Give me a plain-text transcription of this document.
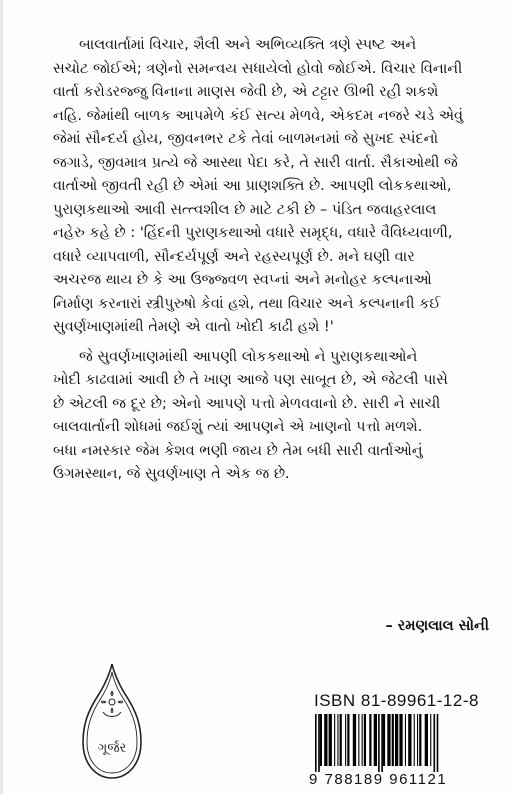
બાલવાર્તામાં વિચાર, શૈલી અને અભિવ્યક્તિ ત્રણે સ્પષ્ટ અને
સચોટ જોઈએ; ત્રણેનો સમન્વય સધાયેલો હોવો જોઈએ. વિચાર વિનાની
વાર્તા કરોડરજ્જુ વિનાના માણસ જેવી છે, એ ટટ્ટાર ઊભી રહી શકશે
નહિ. જેમાંથી બાળક આપમેળે કંઈ સત્ય મેળવે, એકદમ નજરે ચડે એવું
જેમાં સૌન્દર્ય હોય, જીવનભર ટકે તેવાં બાળમનમાં જે સુખદ સ્પંદનો
જગાડે, જીવમાત્ર પ્રત્યે જે આસ્થા પેદા કરે, તે સારી વાર્તા. સૈકાઓથી જે
વાર્તાઓ જીવતી રહી છે એમાં આ પ્રાણશક્તિ છે. આપણી લોકકથાઓ,
પુરાણકથાઓ આવી સત્ત્વશીલ છે માટે ટકી છે – પંડિત જવાહરલાલ
નહેરુ કહે છે : 'હિંદની પુરાણકથાઓ વધારે સમૃદ્ધ, વધારે વૈવિધ્યવાળી,
વધારે વ્યાપવાળી, સૌન્દર્યપૂર્ણ અને રહસ્યપૂર્ણ છે. મને ઘણી વાર
અચરજ થાય છે કે આ ઉજ્જ્વળ સ્વપ્નાં અને મનોહર કલ્પનાઓ
નિર્માણ કરનારાં સ્ત્રીપુરુષો કેવાં હશે, તથા વિચાર અને કલ્પનાની કઈ
સુવર્ણખાણમાંથી તેમણે એ વાતો ખોદી કાઢી હશે !'

જે સુવર્ણખાણમાંથી આપણી લોકકથાઓ ને પુરાણકથાઓને
ખોદી કાઢવામાં આવી છે તે ખાણ આજે પણ સાબૂત છે, એ જેટલી પાસે
છે એટલી જ દૂર છે; એનો આપણે પત્તો મેળવવાનો છે. સારી ને સાચી
બાલવાર્તાની શોધમાં જઈશું ત્યાં આપણને એ ખાણનો પત્તો મળશે.
બધા નમસ્કાર જેમ કેશવ ભણી જાય છે તેમ બધી સારી વાર્તાઓનું
ઉગમસ્થાન, જે સુવર્ણખાણ તે એક જ છે.

– રમણલાલ સોની
ગૂર્જર
ISBN 81-89961-12-8
9 788189 961121
